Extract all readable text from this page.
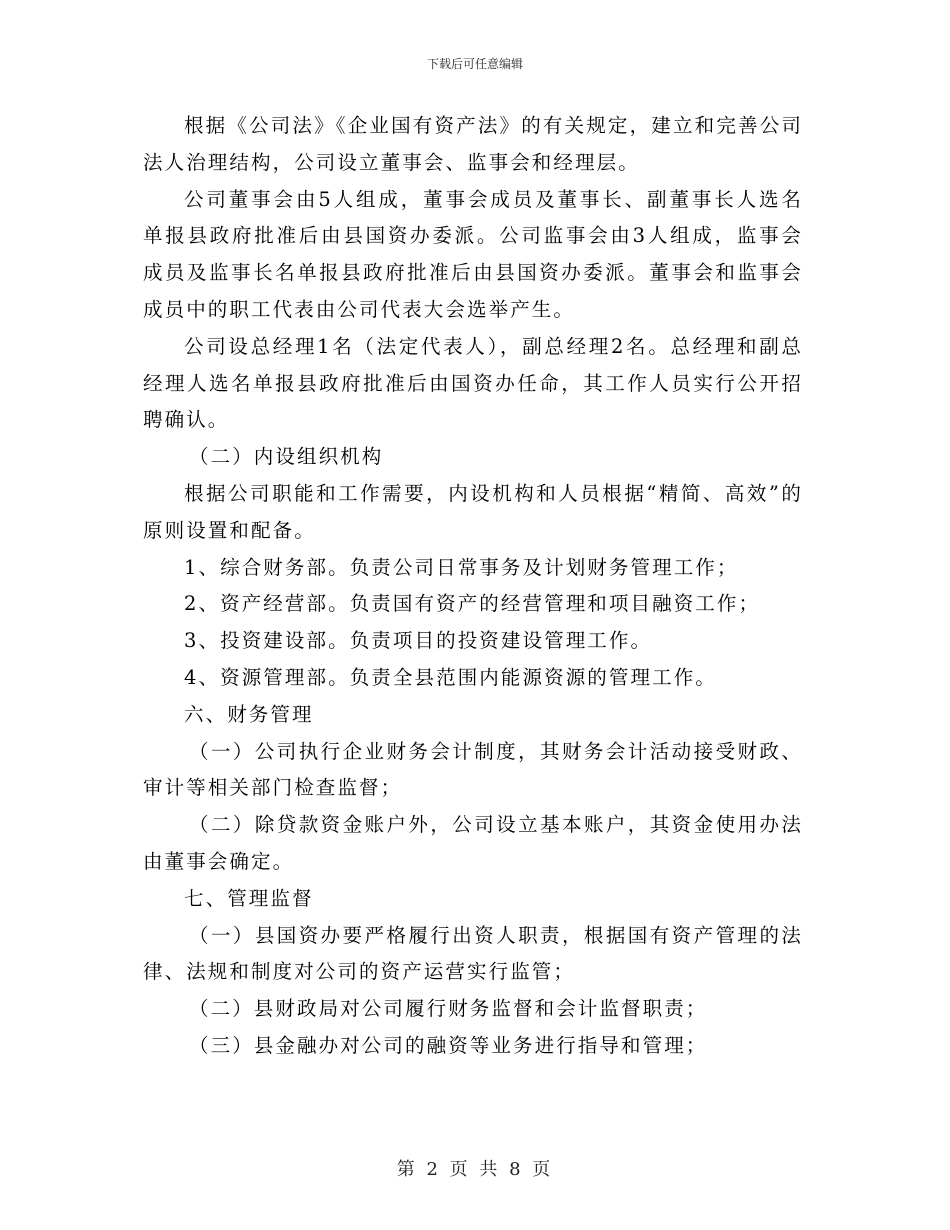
下载后可任意编辑

根据《公司法》《企业国有资产法》的有关规定，建立和完善公司法人治理结构，公司设立董事会、监事会和经理层。

公司董事会由5人组成，董事会成员及董事长、副董事长人选名单报县政府批准后由县国资办委派。公司监事会由3人组成，监事会成员及监事长名单报县政府批准后由县国资办委派。董事会和监事会成员中的职工代表由公司代表大会选举产生。

公司设总经理1名（法定代表人），副总经理2名。总经理和副总经理人选名单报县政府批准后由国资办任命，其工作人员实行公开招聘确认。

（二）内设组织机构

根据公司职能和工作需要，内设机构和人员根据“精简、高效”的原则设置和配备。

1、综合财务部。负责公司日常事务及计划财务管理工作；

2、资产经营部。负责国有资产的经营管理和项目融资工作；

3、投资建设部。负责项目的投资建设管理工作。

4、资源管理部。负责全县范围内能源资源的管理工作。

六、财务管理

（一）公司执行企业财务会计制度，其财务会计活动接受财政、审计等相关部门检查监督；

（二）除贷款资金账户外，公司设立基本账户，其资金使用办法由董事会确定。

七、管理监督

（一）县国资办要严格履行出资人职责，根据国有资产管理的法律、法规和制度对公司的资产运营实行监管；

（二）县财政局对公司履行财务监督和会计监督职责；

（三）县金融办对公司的融资等业务进行指导和管理；

第 2 页 共 8 页
